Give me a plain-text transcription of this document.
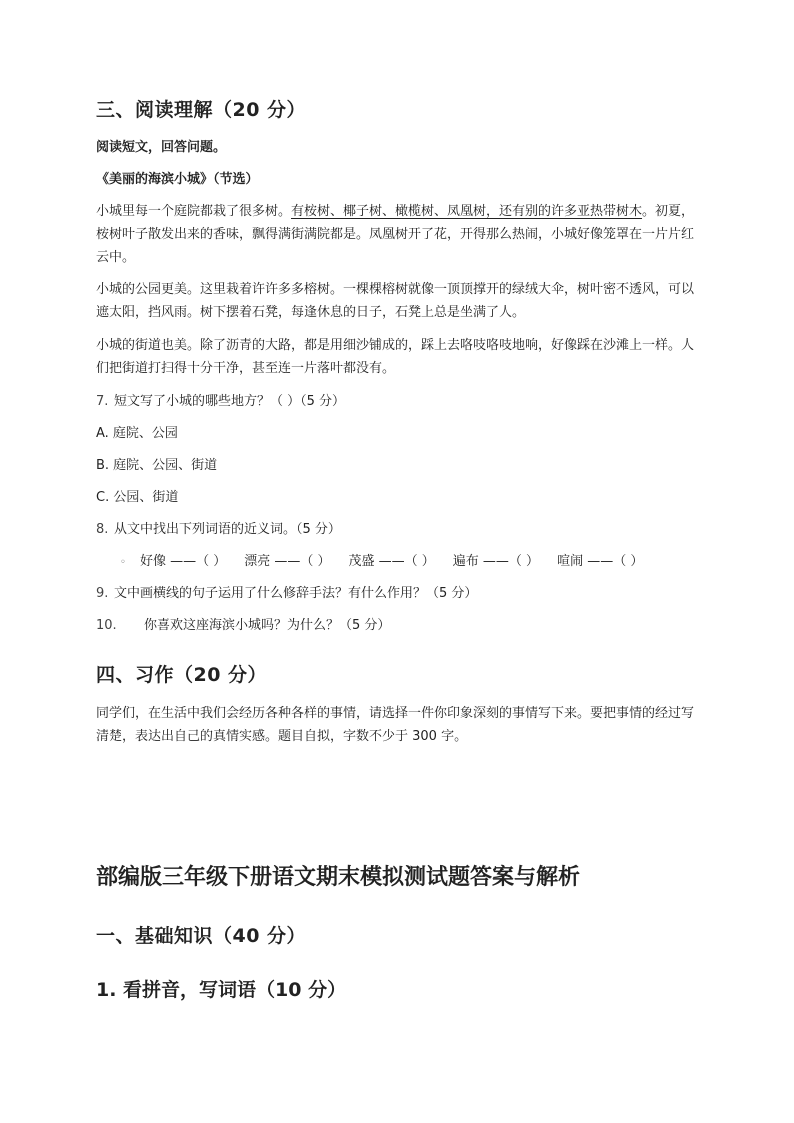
三、阅读理解（20 分）
阅读短文，回答问题。
《美丽的海滨小城》（节选）
小城里每一个庭院都栽了很多树。有桉树、椰子树、橄榄树、凤凰树，还有别的许多亚热带树木。初夏，桉树叶子散发出来的香味，飘得满街满院都是。凤凰树开了花，开得那么热闹，小城好像笼罩在一片片红云中。
小城的公园更美。这里栽着许许多多榕树。一棵棵榕树就像一顶顶撑开的绿绒大伞，树叶密不透风，可以遮太阳，挡风雨。树下摆着石凳，每逢休息的日子，石凳上总是坐满了人。
小城的街道也美。除了沥青的大路，都是用细沙铺成的，踩上去咯吱咯吱地响，好像踩在沙滩上一样。人们把街道打扫得十分干净，甚至连一片落叶都没有。
7. 短文写了小城的哪些地方？（ ）（5 分）
A. 庭院、公园
B. 庭院、公园、街道
C. 公园、街道
8. 从文中找出下列词语的近义词。（5 分）
◦ 好像 ——（ ） 漂亮 ——（ ） 茂盛 ——（ ） 遍布 ——（ ） 喧闹 ——（ ）
9. 文中画横线的句子运用了什么修辞手法？有什么作用？（5 分）
10. 你喜欢这座海滨小城吗？为什么？（5 分）
四、习作（20 分）
同学们，在生活中我们会经历各种各样的事情，请选择一件你印象深刻的事情写下来。要把事情的经过写清楚，表达出自己的真情实感。题目自拟，字数不少于 300 字。
部编版三年级下册语文期末模拟测试题答案与解析
一、基础知识（40 分）
1. 看拼音，写词语（10 分）
